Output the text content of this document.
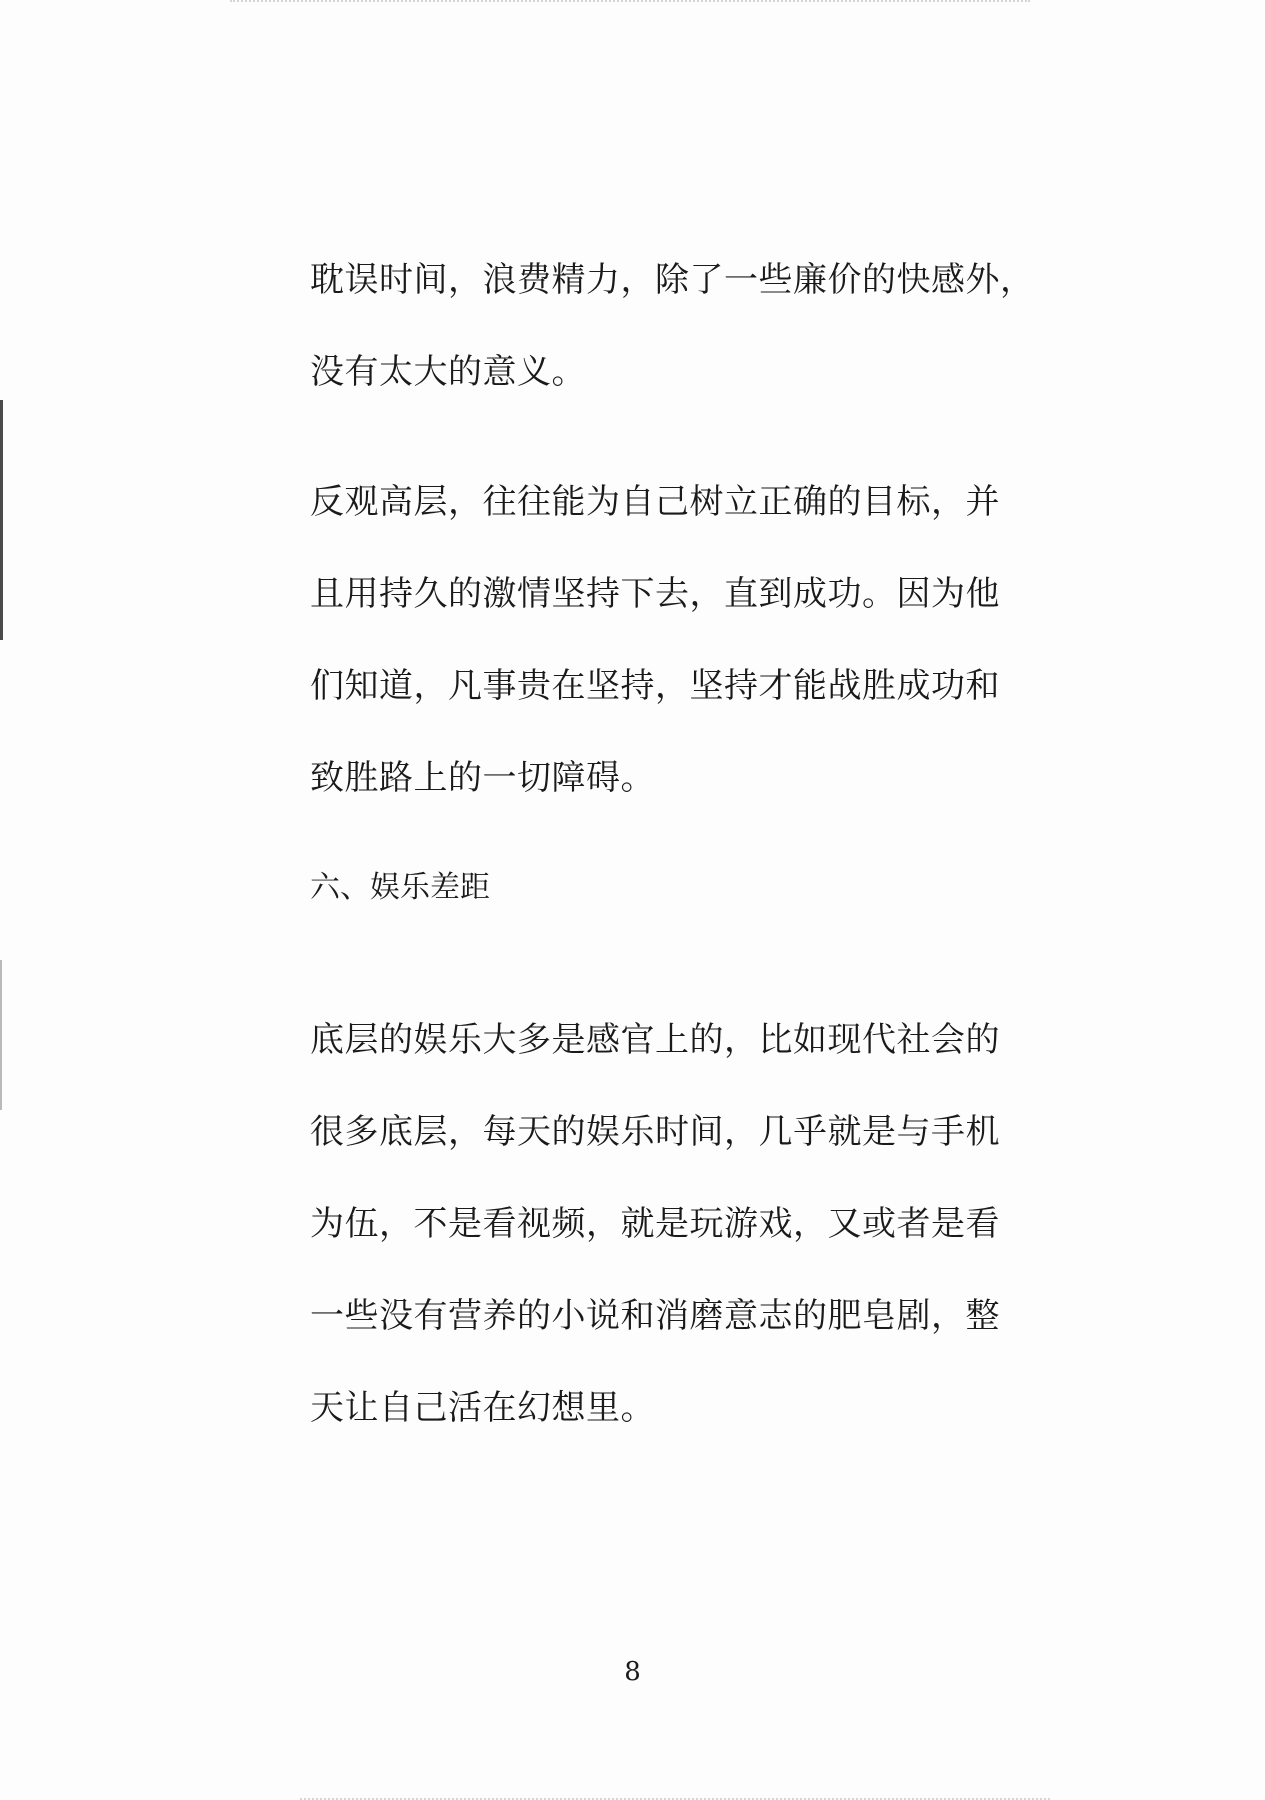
耽误时间，浪费精力，除了一些廉价的快感外，
没有太大的意义。
反观高层，往往能为自己树立正确的目标，并
且用持久的激情坚持下去，直到成功。因为他
们知道，凡事贵在坚持，坚持才能战胜成功和
致胜路上的一切障碍。
六、娱乐差距
底层的娱乐大多是感官上的，比如现代社会的
很多底层，每天的娱乐时间，几乎就是与手机
为伍，不是看视频，就是玩游戏，又或者是看
一些没有营养的小说和消磨意志的肥皂剧，整
天让自己活在幻想里。
8
